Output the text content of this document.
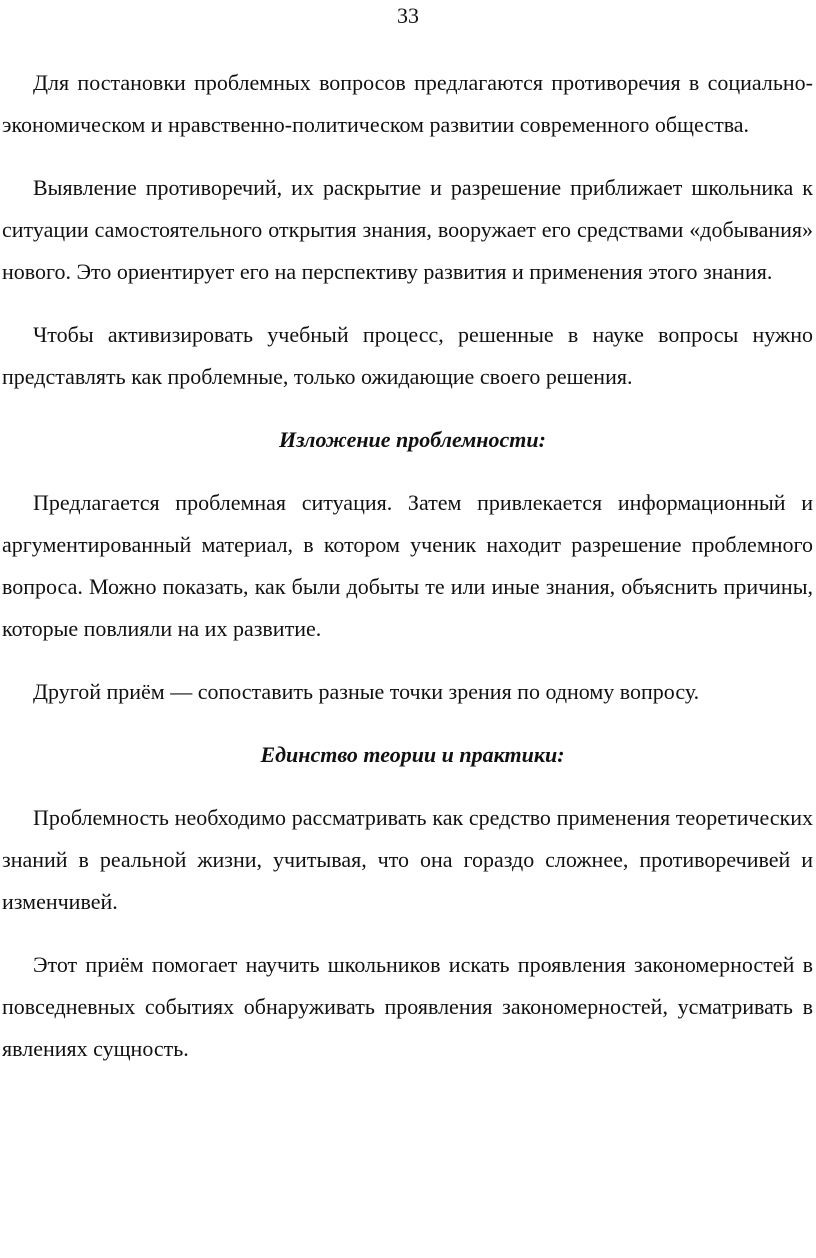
33

Для постановки проблемных вопросов предлагаются противоречия в социально-экономическом и нравственно-политическом развитии современного общества.

Выявление противоречий, их раскрытие и разрешение приближает школьника к ситуации самостоятельного открытия знания, вооружает его средствами «добывания» нового. Это ориентирует его на перспективу развития и применения этого знания.

Чтобы активизировать учебный процесс, решенные в науке вопросы нужно представлять как проблемные, только ожидающие своего решения.

Изложение проблемности:

Предлагается проблемная ситуация. Затем привлекается информационный и аргументированный материал, в котором ученик находит разрешение проблемного вопроса. Можно показать, как были добыты те или иные знания, объяснить причины, которые повлияли на их развитие.

Другой приём — сопоставить разные точки зрения по одному вопросу.

Единство теории и практики:

Проблемность необходимо рассматривать как средство применения теоретических знаний в реальной жизни, учитывая, что она гораздо сложнее, противоречивей и изменчивей.

Этот приём помогает научить школьников искать проявления закономерностей в повседневных событиях обнаруживать проявления закономерностей, усматривать в явлениях сущность.
